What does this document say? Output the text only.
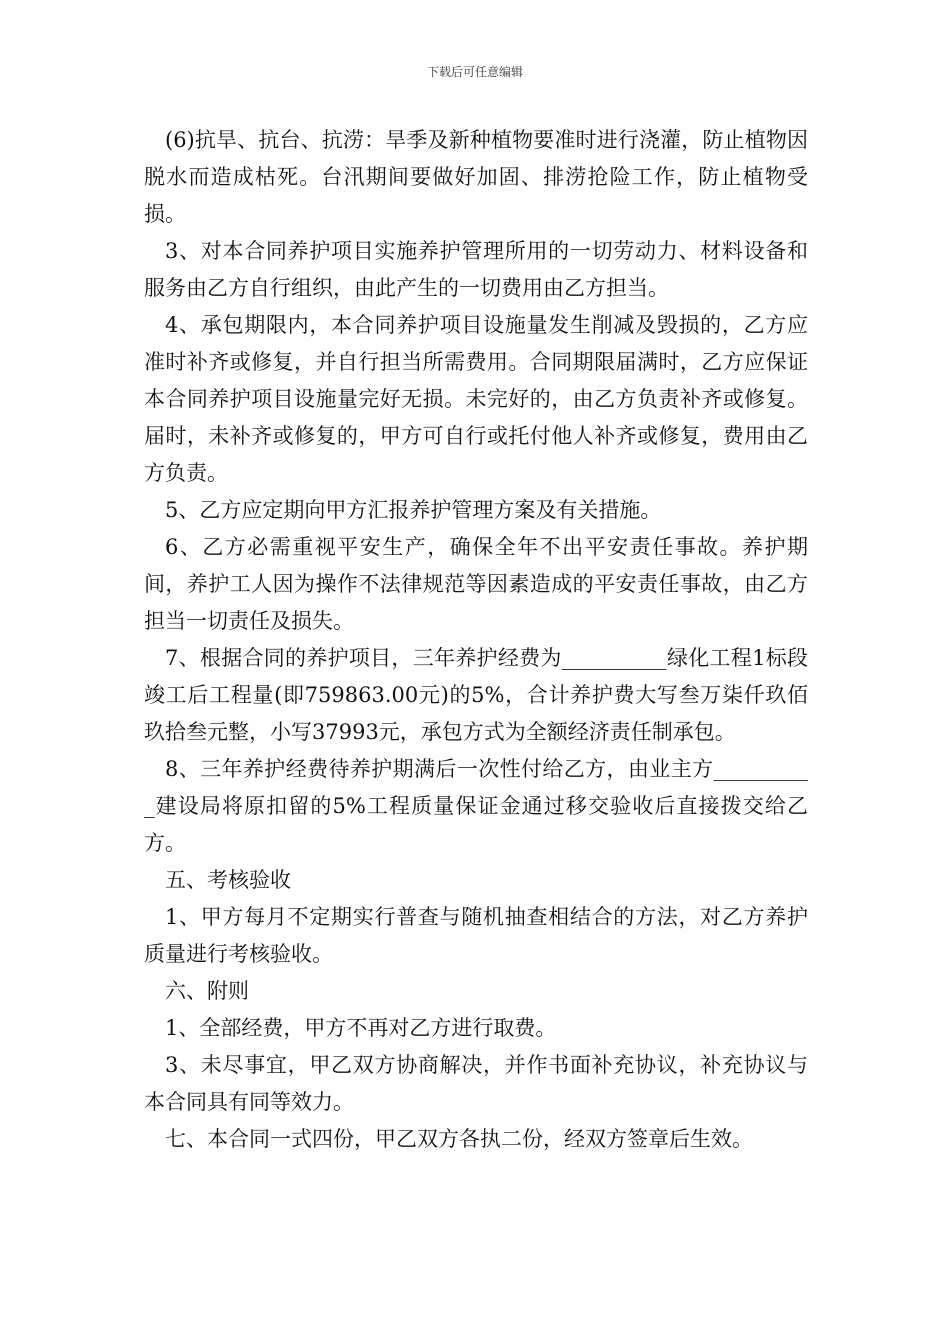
下载后可任意编辑

(6)抗旱、抗台、抗涝：旱季及新种植物要准时进行浇灌，防止植物因脱水而造成枯死。台汛期间要做好加固、排涝抢险工作，防止植物受损。

3、对本合同养护项目实施养护管理所用的一切劳动力、材料设备和服务由乙方自行组织，由此产生的一切费用由乙方担当。

4、承包期限内，本合同养护项目设施量发生削减及毁损的，乙方应准时补齐或修复，并自行担当所需费用。合同期限届满时，乙方应保证本合同养护项目设施量完好无损。未完好的，由乙方负责补齐或修复。届时，未补齐或修复的，甲方可自行或托付他人补齐或修复，费用由乙方负责。

5、乙方应定期向甲方汇报养护管理方案及有关措施。

6、乙方必需重视平安生产，确保全年不出平安责任事故。养护期间，养护工人因为操作不法律规范等因素造成的平安责任事故，由乙方担当一切责任及损失。

7、根据合同的养护项目，三年养护经费为__________绿化工程1标段竣工后工程量(即759863.00元)的5%，合计养护费大写叁万柒仟玖佰玖拾叁元整，小写37993元，承包方式为全额经济责任制承包。

8、三年养护经费待养护期满后一次性付给乙方，由业主方__________建设局将原扣留的5%工程质量保证金通过移交验收后直接拨交给乙方。

五、考核验收

1、甲方每月不定期实行普查与随机抽查相结合的方法，对乙方养护质量进行考核验收。

六、附则

1、全部经费，甲方不再对乙方进行取费。

3、未尽事宜，甲乙双方协商解决，并作书面补充协议，补充协议与本合同具有同等效力。

七、本合同一式四份，甲乙双方各执二份，经双方签章后生效。
